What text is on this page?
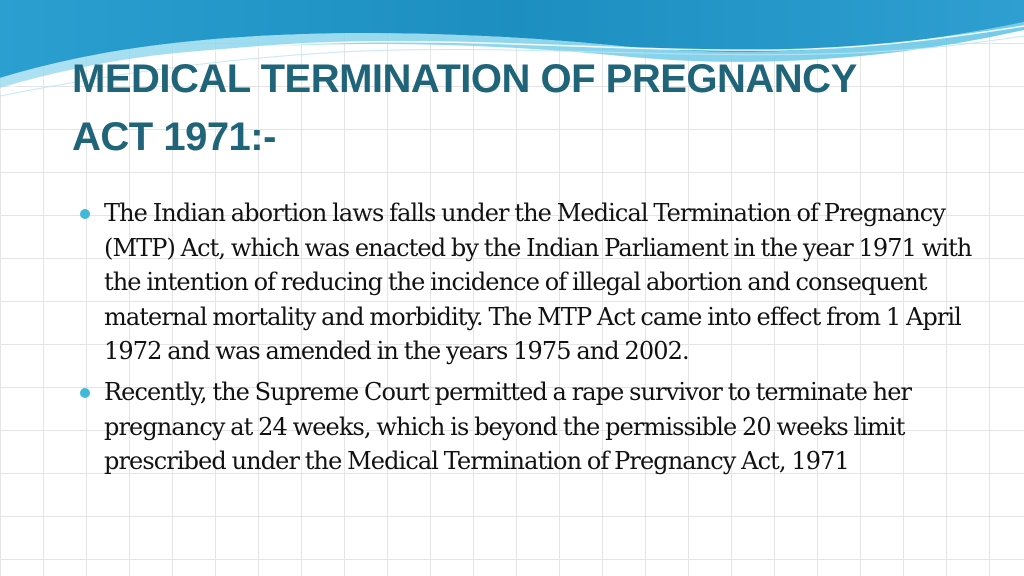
MEDICAL TERMINATION OF PREGNANCY
ACT 1971:-
The Indian abortion laws falls under the Medical Termination of Pregnancy (MTP) Act, which was enacted by the Indian Parliament in the year 1971 with the intention of reducing the incidence of illegal abortion and consequent maternal mortality and morbidity. The MTP Act came into effect from 1 April 1972 and was amended in the years 1975 and 2002.
Recently, the Supreme Court permitted a rape survivor to terminate her pregnancy at 24 weeks, which is beyond the permissible 20 weeks limit prescribed under the Medical Termination of Pregnancy Act, 1971
